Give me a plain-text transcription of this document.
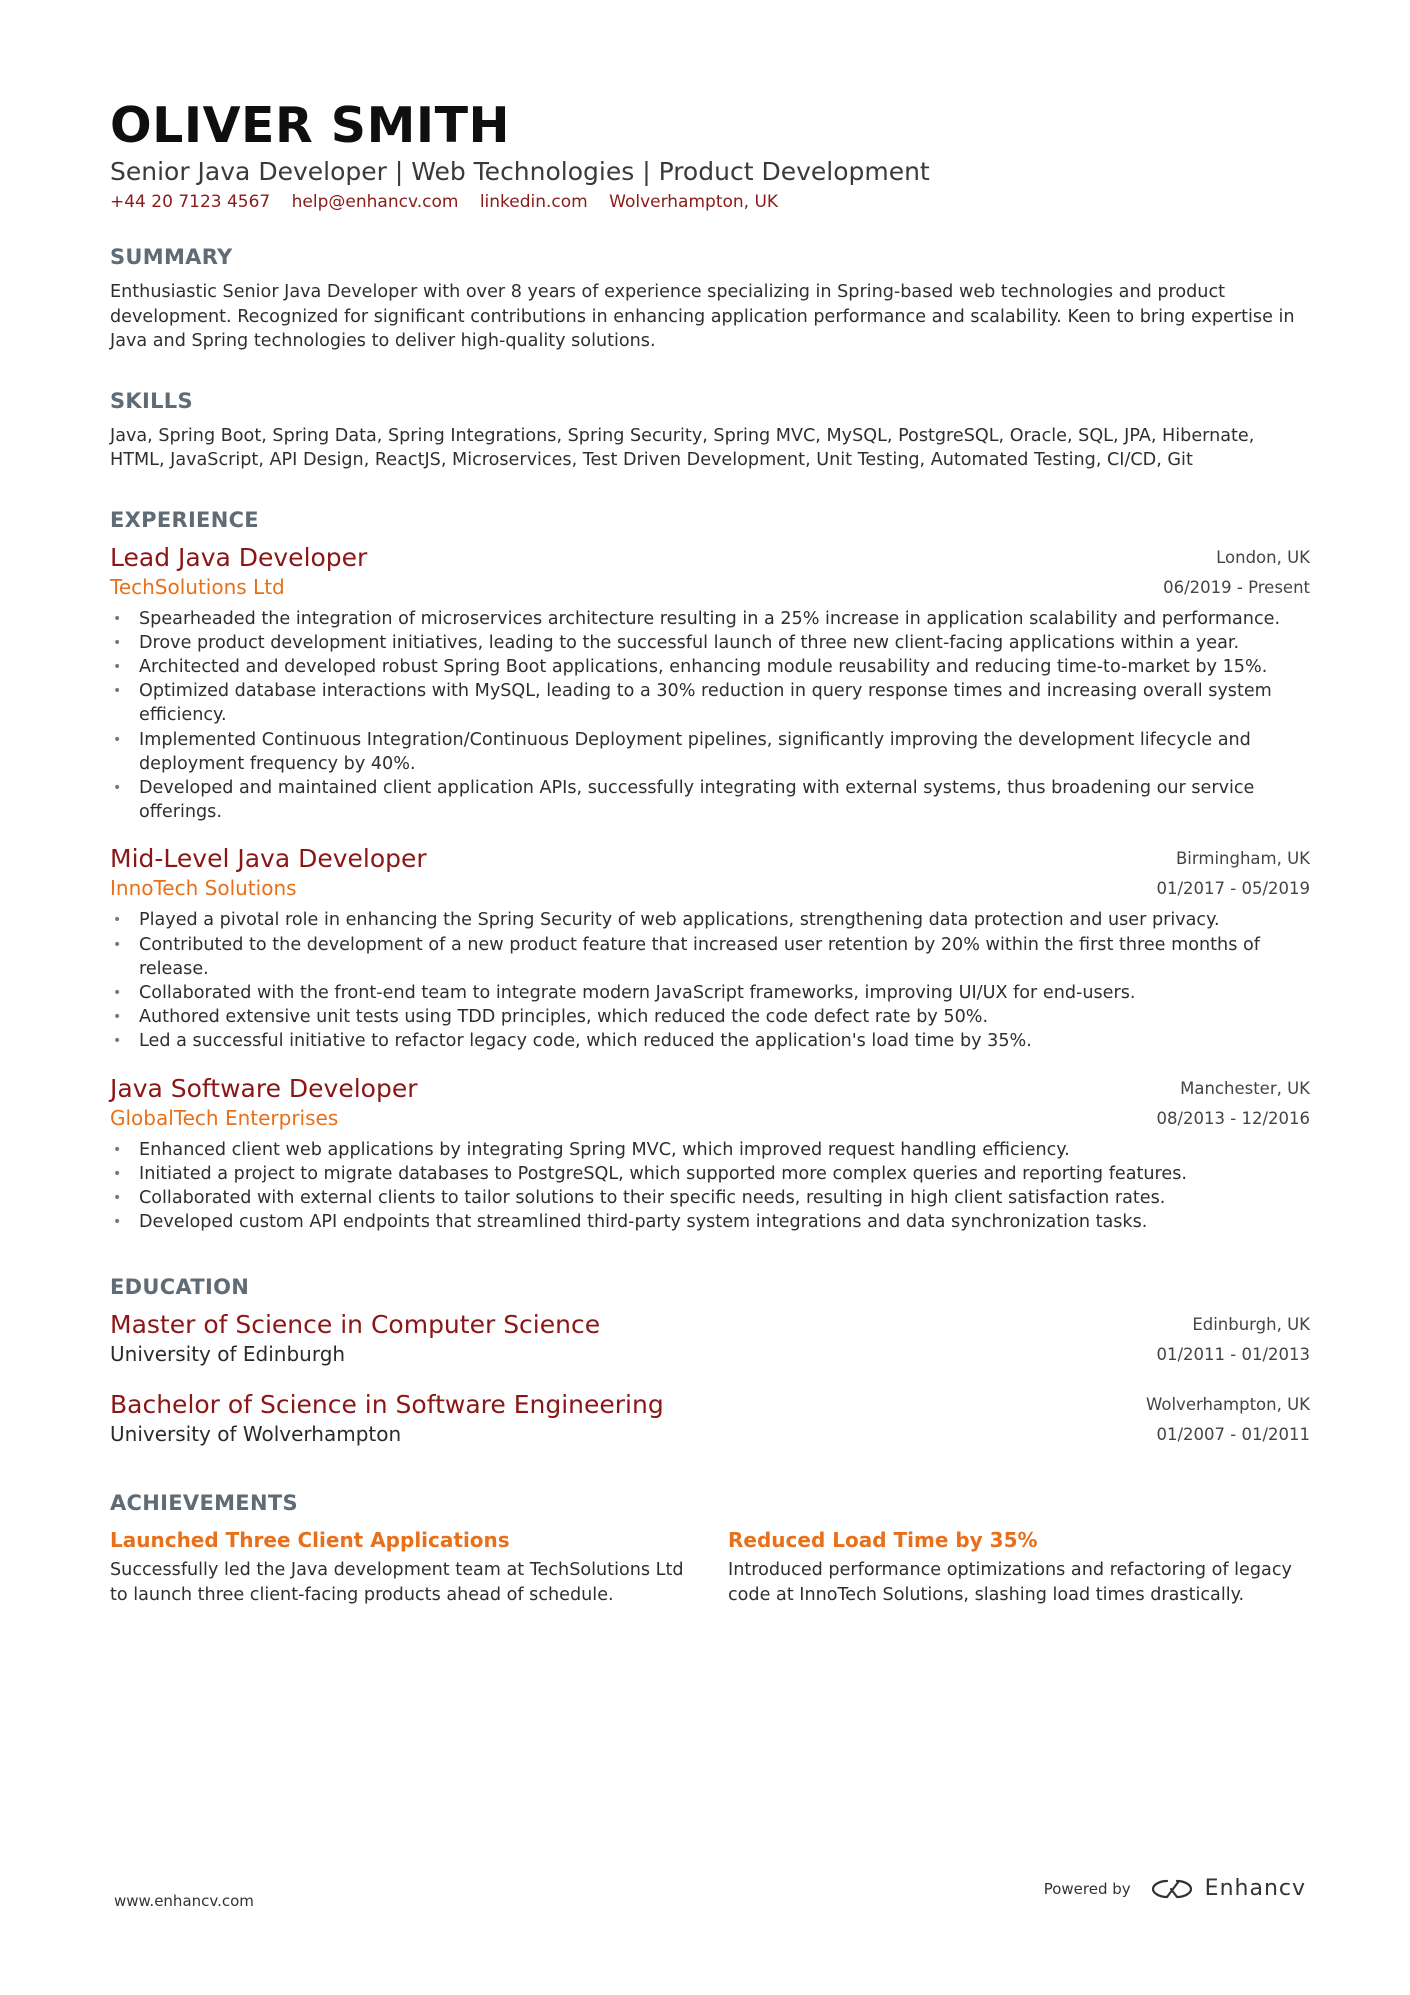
OLIVER SMITH
Senior Java Developer | Web Technologies | Product Development
+44 20 7123 4567 help@enhancv.com linkedin.com Wolverhampton, UK
SUMMARY
Enthusiastic Senior Java Developer with over 8 years of experience specializing in Spring-based web technologies and product development. Recognized for significant contributions in enhancing application performance and scalability. Keen to bring expertise in Java and Spring technologies to deliver high-quality solutions.
SKILLS
Java, Spring Boot, Spring Data, Spring Integrations, Spring Security, Spring MVC, MySQL, PostgreSQL, Oracle, SQL, JPA, Hibernate, HTML, JavaScript, API Design, ReactJS, Microservices, Test Driven Development, Unit Testing, Automated Testing, CI/CD, Git
EXPERIENCE
Lead Java Developer
TechSolutions Ltd
London, UK
06/2019 - Present
• Spearheaded the integration of microservices architecture resulting in a 25% increase in application scalability and performance.
• Drove product development initiatives, leading to the successful launch of three new client-facing applications within a year.
• Architected and developed robust Spring Boot applications, enhancing module reusability and reducing time-to-market by 15%.
• Optimized database interactions with MySQL, leading to a 30% reduction in query response times and increasing overall system efficiency.
• Implemented Continuous Integration/Continuous Deployment pipelines, significantly improving the development lifecycle and deployment frequency by 40%.
• Developed and maintained client application APIs, successfully integrating with external systems, thus broadening our service offerings.
Mid-Level Java Developer
InnoTech Solutions
Birmingham, UK
01/2017 - 05/2019
• Played a pivotal role in enhancing the Spring Security of web applications, strengthening data protection and user privacy.
• Contributed to the development of a new product feature that increased user retention by 20% within the first three months of release.
• Collaborated with the front-end team to integrate modern JavaScript frameworks, improving UI/UX for end-users.
• Authored extensive unit tests using TDD principles, which reduced the code defect rate by 50%.
• Led a successful initiative to refactor legacy code, which reduced the application's load time by 35%.
Java Software Developer
GlobalTech Enterprises
Manchester, UK
08/2013 - 12/2016
• Enhanced client web applications by integrating Spring MVC, which improved request handling efficiency.
• Initiated a project to migrate databases to PostgreSQL, which supported more complex queries and reporting features.
• Collaborated with external clients to tailor solutions to their specific needs, resulting in high client satisfaction rates.
• Developed custom API endpoints that streamlined third-party system integrations and data synchronization tasks.
EDUCATION
Master of Science in Computer Science
University of Edinburgh
Edinburgh, UK
01/2011 - 01/2013
Bachelor of Science in Software Engineering
University of Wolverhampton
Wolverhampton, UK
01/2007 - 01/2011
ACHIEVEMENTS
Launched Three Client Applications
Successfully led the Java development team at TechSolutions Ltd to launch three client-facing products ahead of schedule.
Reduced Load Time by 35%
Introduced performance optimizations and refactoring of legacy code at InnoTech Solutions, slashing load times drastically.
www.enhancv.com
Powered by	Enhancv
